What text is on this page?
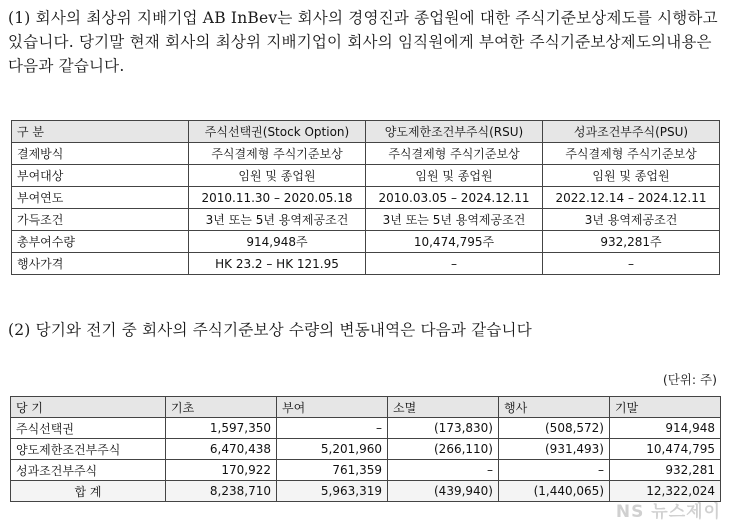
(1) 회사의 최상위 지배기업 AB InBev는 회사의 경영진과 종업원에 대한 주식기준보상제도를 시행하고 있습니다. 당기말 현재 회사의 최상위 지배기업이 회사의 임직원에게 부여한 주식기준보상제도의내용은 다음과 같습니다.
구 분	주식선택권(Stock Option)	양도제한조건부주식(RSU)	성과조건부주식(PSU)
결제방식	주식결제형 주식기준보상	주식결제형 주식기준보상	주식결제형 주식기준보상
부여대상	임원 및 종업원	임원 및 종업원	임원 및 종업원
부여연도	2010.11.30 – 2020.05.18	2010.03.05 – 2024.12.11	2022.12.14 – 2024.12.11
가득조건	3년 또는 5년 용역제공조건	3년 또는 5년 용역제공조건	3년 용역제공조건
총부여수량	914,948주	10,474,795주	932,281주
행사가격	HK 23.2 – HK 121.95	–	–
(2) 당기와 전기 중 회사의 주식기준보상 수량의 변동내역은 다음과 같습니다
(단위: 주)
당 기	기초	부여	소멸	행사	기말
주식선택권	1,597,350	–	(173,830)	(508,572)	914,948
양도제한조건부주식	6,470,438	5,201,960	(266,110)	(931,493)	10,474,795
성과조건부주식	170,922	761,359	–	–	932,281
합 계	8,238,710	5,963,319	(439,940)	(1,440,065)	12,322,024
NS 뉴스제이
